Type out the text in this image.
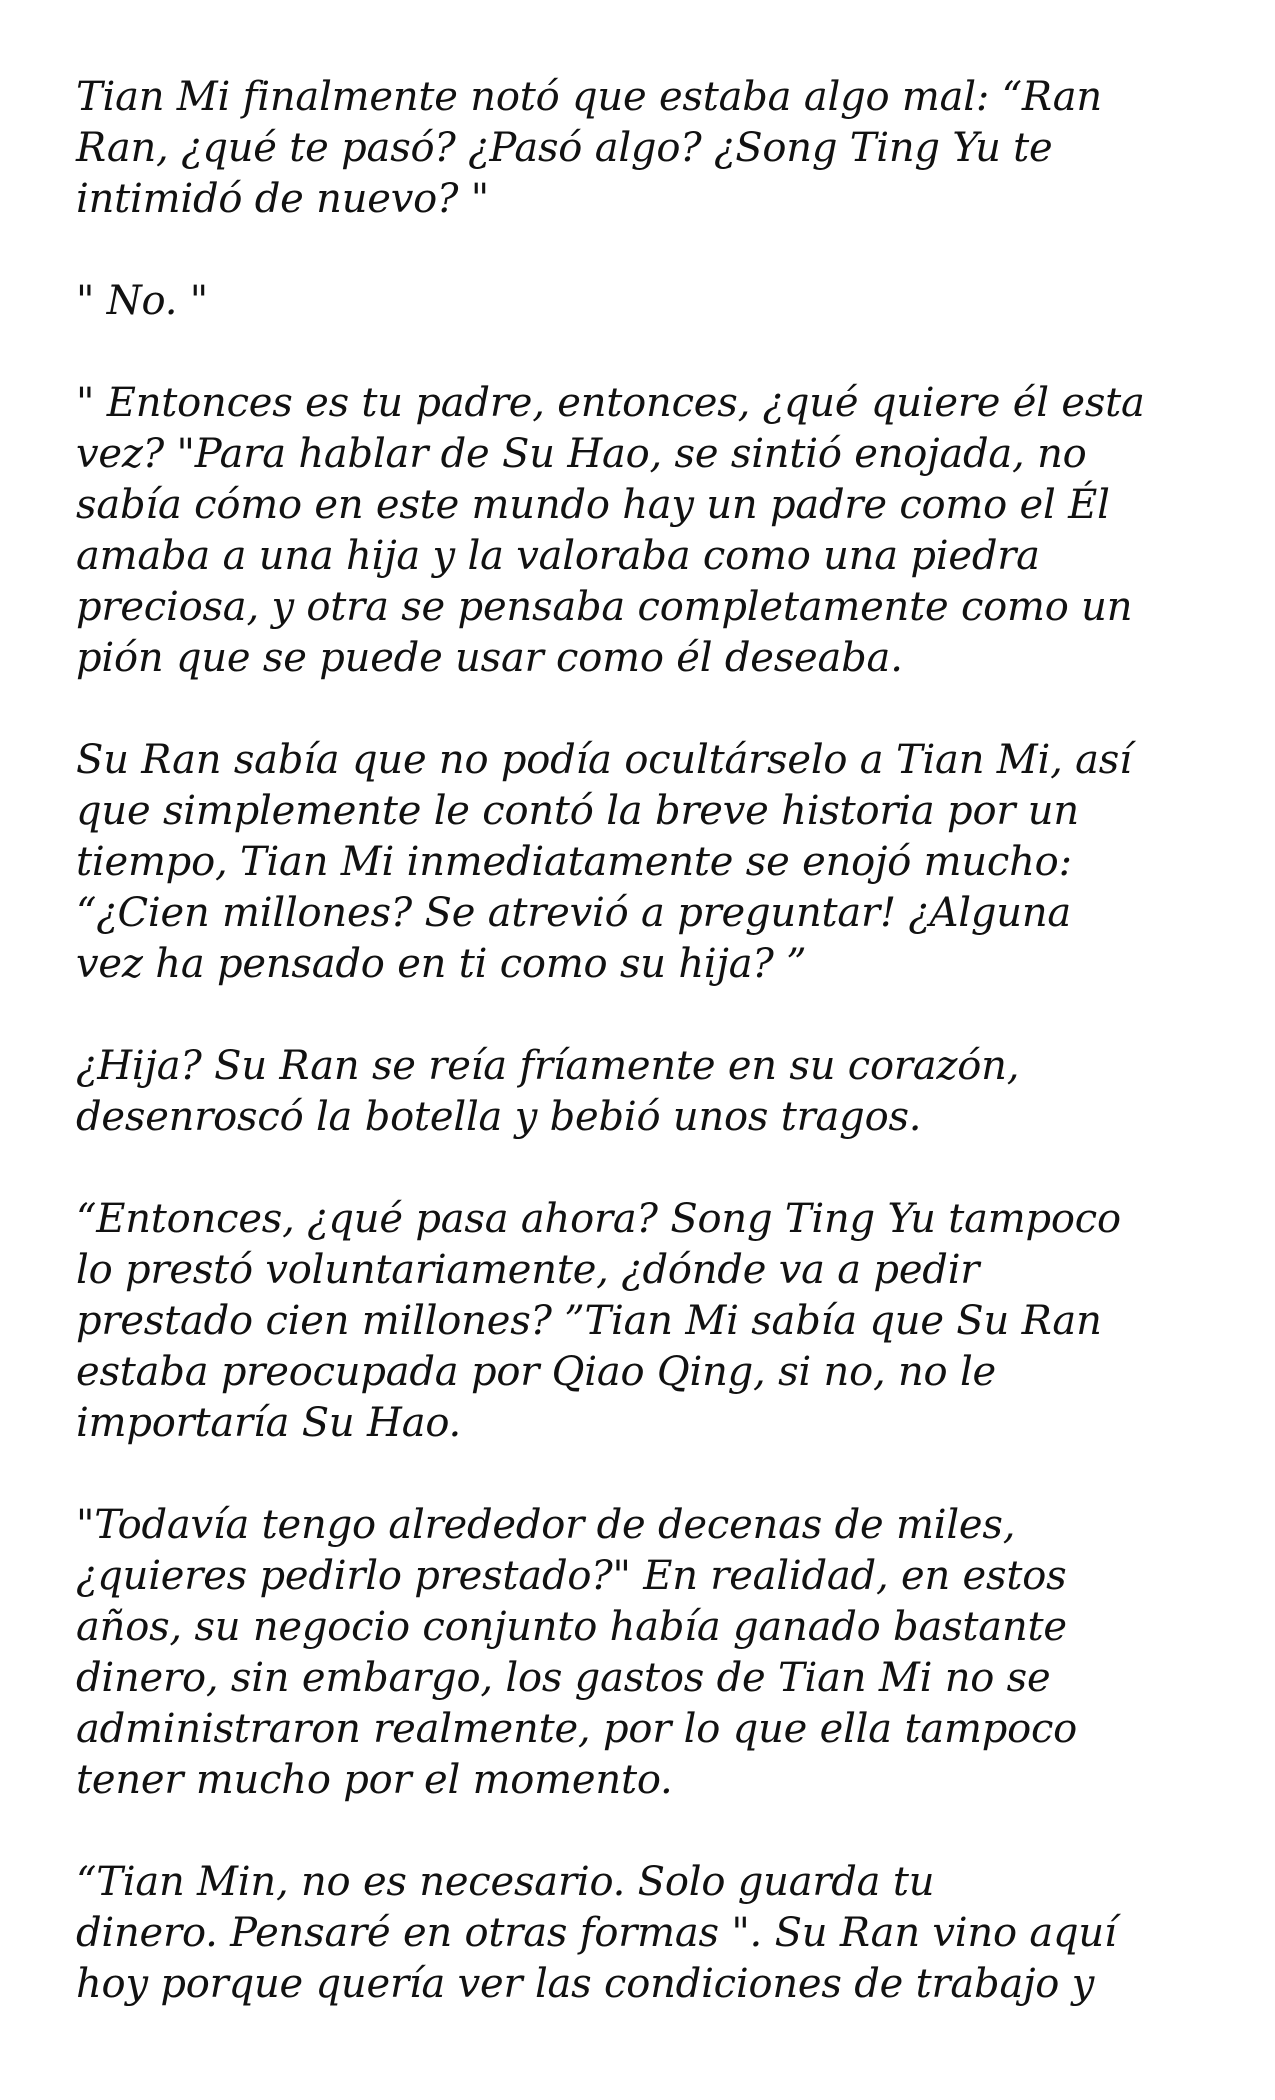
Tian Mi finalmente notó que estaba algo mal: “Ran
Ran, ¿qué te pasó? ¿Pasó algo? ¿Song Ting Yu te
intimidó de nuevo? "

" No. "

" Entonces es tu padre, entonces, ¿qué quiere él esta
vez? "Para hablar de Su Hao, se sintió enojada, no
sabía cómo en este mundo hay un padre como el Él
amaba a una hija y la valoraba como una piedra
preciosa, y otra se pensaba completamente como un
pión que se puede usar como él deseaba.

Su Ran sabía que no podía ocultárselo a Tian Mi, así
que simplemente le contó la breve historia por un
tiempo, Tian Mi inmediatamente se enojó mucho:
“¿Cien millones? Se atrevió a preguntar! ¿Alguna
vez ha pensado en ti como su hija? ”

¿Hija? Su Ran se reía fríamente en su corazón,
desenroscó la botella y bebió unos tragos.

“Entonces, ¿qué pasa ahora? Song Ting Yu tampoco
lo prestó voluntariamente, ¿dónde va a pedir
prestado cien millones? ”Tian Mi sabía que Su Ran
estaba preocupada por Qiao Qing, si no, no le
importaría Su Hao.

"Todavía tengo alrededor de decenas de miles,
¿quieres pedirlo prestado?" En realidad, en estos
años, su negocio conjunto había ganado bastante
dinero, sin embargo, los gastos de Tian Mi no se
administraron realmente, por lo que ella tampoco
tener mucho por el momento.

“Tian Min, no es necesario. Solo guarda tu
dinero. Pensaré en otras formas ". Su Ran vino aquí
hoy porque quería ver las condiciones de trabajo y
